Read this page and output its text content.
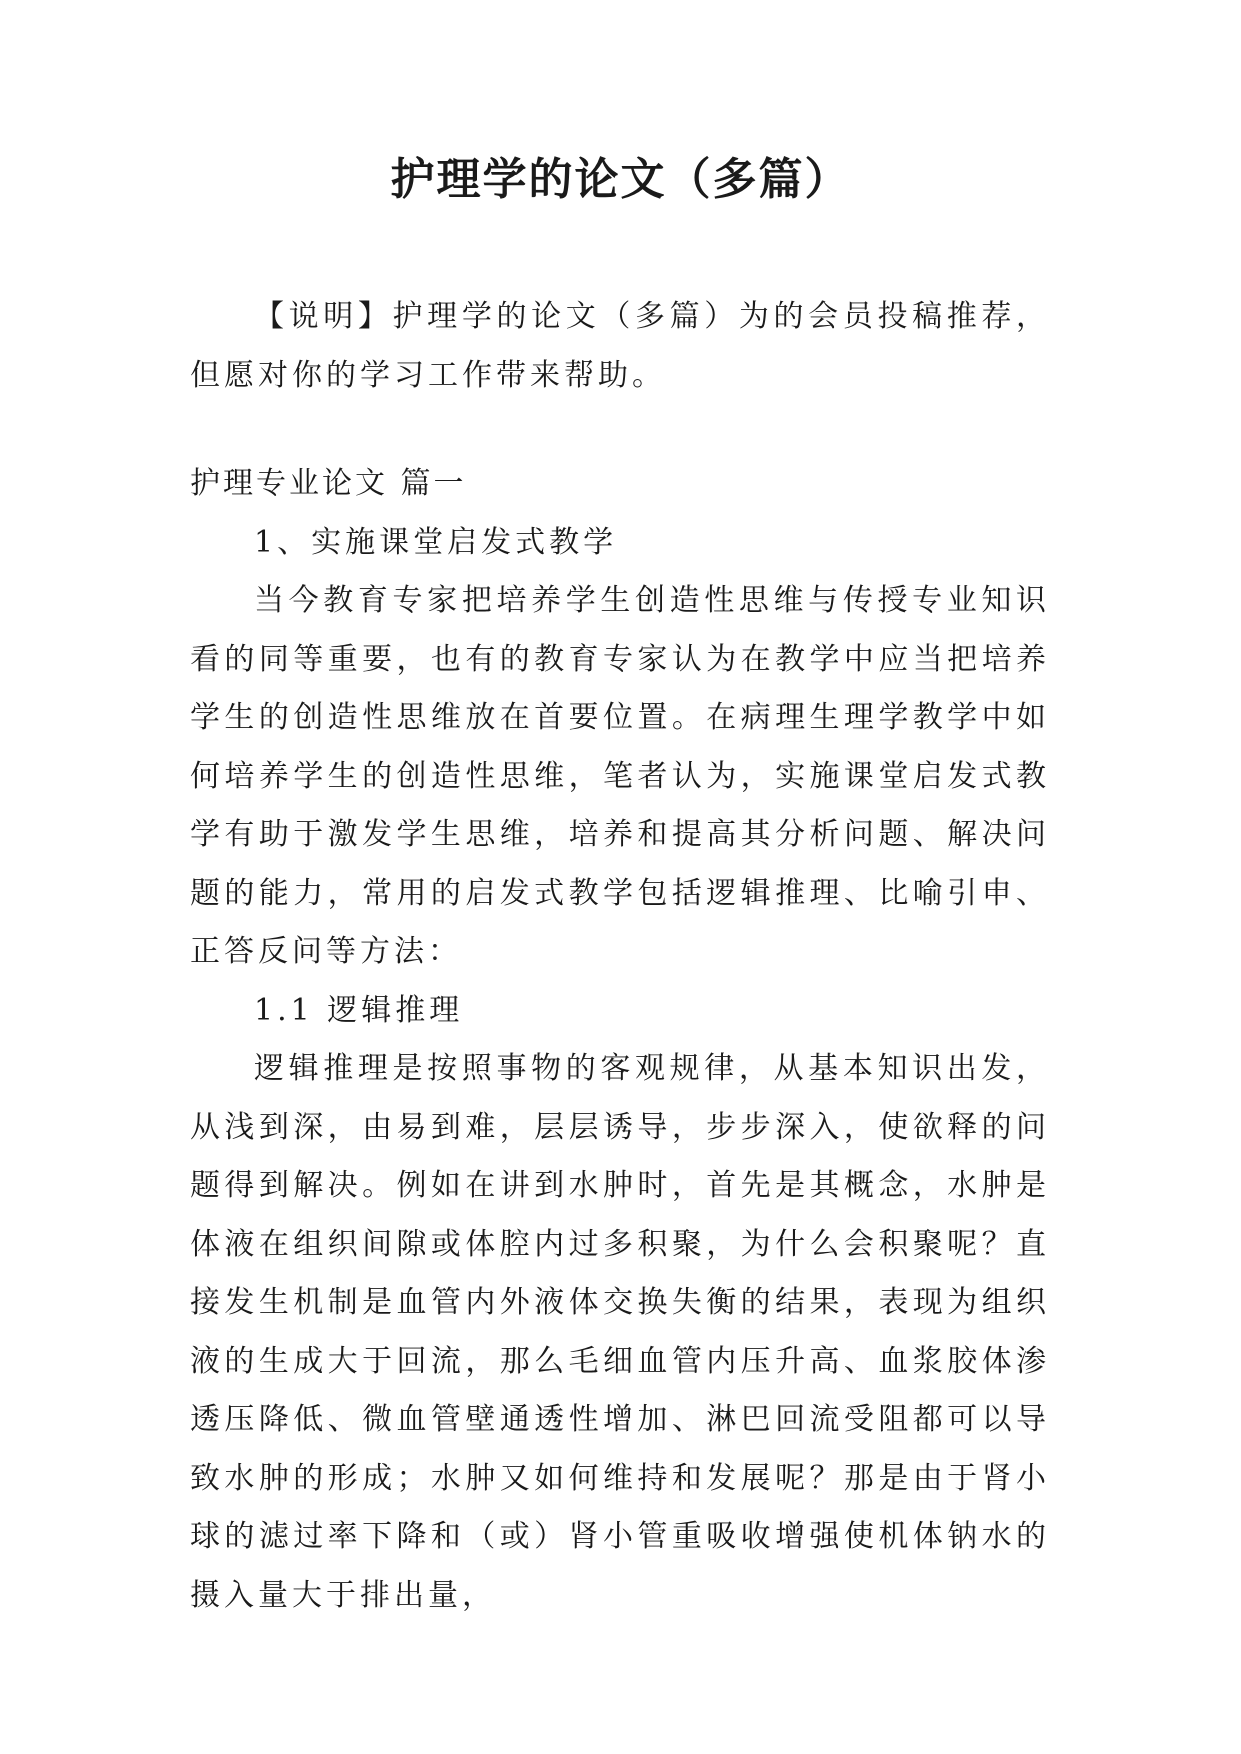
护理学的论文（多篇）

【说明】护理学的论文（多篇）为的会员投稿推荐，但愿对你的学习工作带来帮助。

护理专业论文 篇一

1、实施课堂启发式教学

当今教育专家把培养学生创造性思维与传授专业知识看的同等重要，也有的教育专家认为在教学中应当把培养学生的创造性思维放在首要位置。在病理生理学教学中如何培养学生的创造性思维，笔者认为，实施课堂启发式教学有助于激发学生思维，培养和提高其分析问题、解决问题的能力，常用的启发式教学包括逻辑推理、比喻引申、正答反问等方法：

1.1 逻辑推理

逻辑推理是按照事物的客观规律，从基本知识出发，从浅到深，由易到难，层层诱导，步步深入，使欲释的问题得到解决。例如在讲到水肿时，首先是其概念，水肿是体液在组织间隙或体腔内过多积聚，为什么会积聚呢？直接发生机制是血管内外液体交换失衡的结果，表现为组织液的生成大于回流，那么毛细血管内压升高、血浆胶体渗透压降低、微血管壁通透性增加、淋巴回流受阻都可以导致水肿的形成；水肿又如何维持和发展呢？那是由于肾小球的滤过率下降和（或）肾小管重吸收增强使机体钠水的摄入量大于排出量，
